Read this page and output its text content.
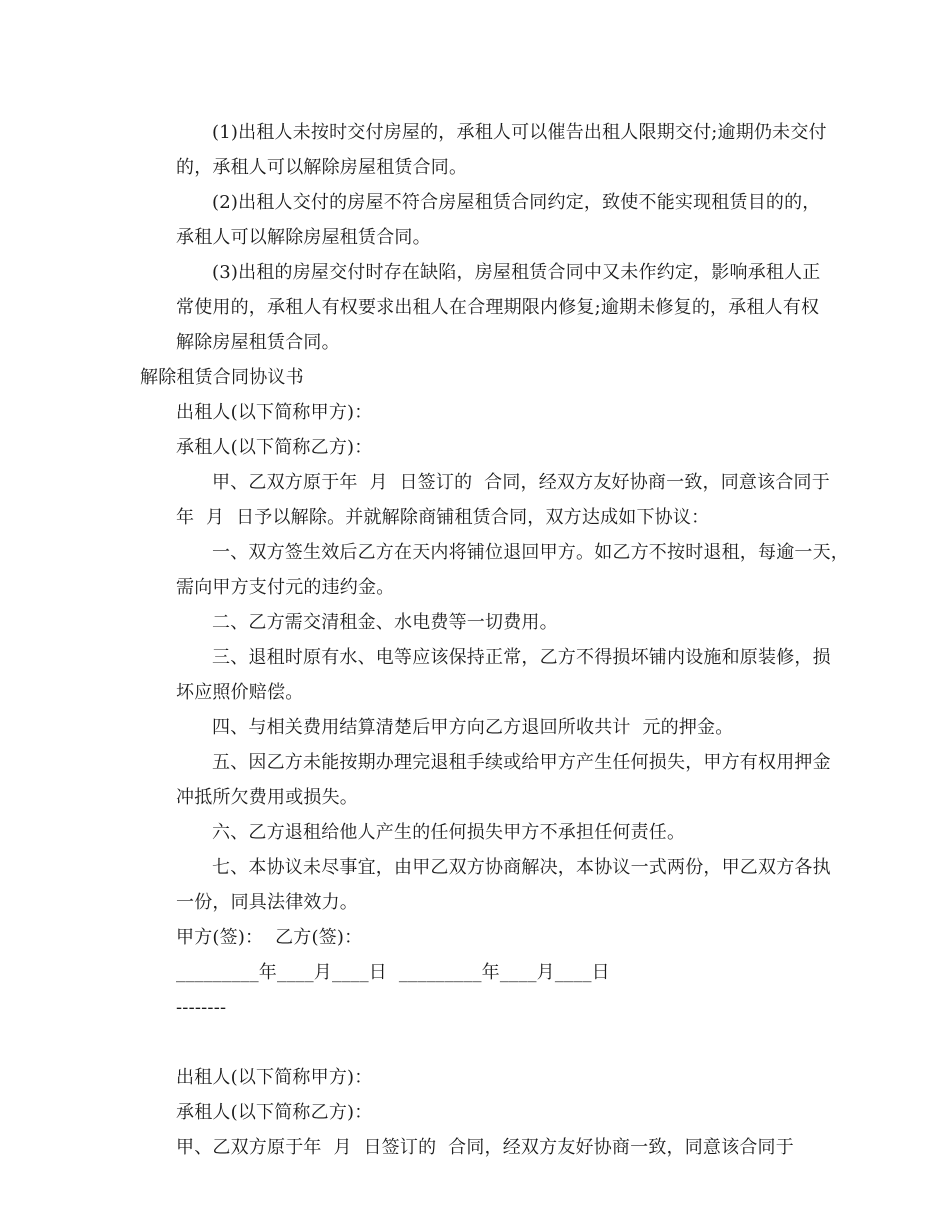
(1)出租人未按时交付房屋的，承租人可以催告出租人限期交付;逾期仍未交付
的，承租人可以解除房屋租赁合同。
(2)出租人交付的房屋不符合房屋租赁合同约定，致使不能实现租赁目的的，
承租人可以解除房屋租赁合同。
(3)出租的房屋交付时存在缺陷，房屋租赁合同中又未作约定，影响承租人正
常使用的，承租人有权要求出租人在合理期限内修复;逾期未修复的，承租人有权
解除房屋租赁合同。
解除租赁合同协议书
出租人(以下简称甲方)：
承租人(以下简称乙方)：
甲、乙双方原于年  月  日签订的  合同，经双方友好协商一致，同意该合同于
年  月  日予以解除。并就解除商铺租赁合同，双方达成如下协议：
一、双方签生效后乙方在天内将铺位退回甲方。如乙方不按时退租，每逾一天，
需向甲方支付元的违约金。
二、乙方需交清租金、水电费等一切费用。
三、退租时原有水、电等应该保持正常，乙方不得损坏铺内设施和原装修，损
坏应照价赔偿。
四、与相关费用结算清楚后甲方向乙方退回所收共计  元的押金。
五、因乙方未能按期办理完退租手续或给甲方产生任何损失，甲方有权用押金
冲抵所欠费用或损失。
六、乙方退租给他人产生的任何损失甲方不承担任何责任。
七、本协议未尽事宜，由甲乙双方协商解决，本协议一式两份，甲乙双方各执
一份，同具法律效力。
甲方(签)：  乙方(签)：
_________年____月____日  _________年____月____日
--------

出租人(以下简称甲方)：
承租人(以下简称乙方)：
甲、乙双方原于年  月  日签订的  合同，经双方友好协商一致，同意该合同于
